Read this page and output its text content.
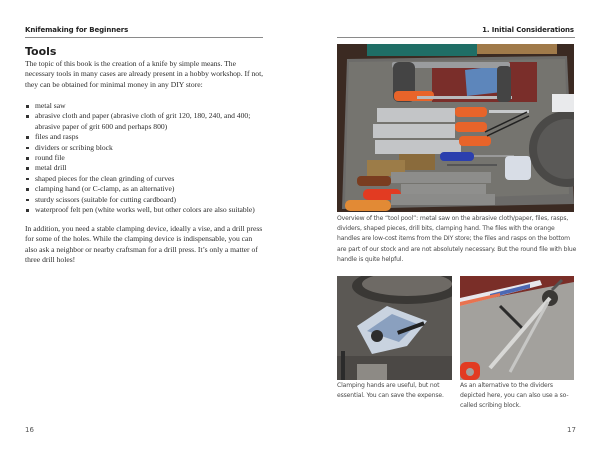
Knifemaking for Beginners
Tools
The topic of this book is the creation of a knife by simple means. The necessary tools in many cases are already present in a hobby workshop. If not, they can be obtained for minimal money in any DIY store:
metal saw
abrasive cloth and paper (abrasive cloth of grit 120, 180, 240, and 400; abrasive paper of grit 600 and perhaps 800)
files and rasps
dividers or scribing block
round file
metal drill
shaped pieces for the clean grinding of curves
clamping hand (or C-clamp, as an alternative)
sturdy scissors (suitable for cutting cardboard)
waterproof felt pen (white works well, but other colors are also suitable)
In addition, you need a stable clamping device, ideally a vise, and a drill press for some of the holes. While the clamping device is indispensable, you can also ask a neighbor or nearby craftsman for a drill press. It’s only a matter of three drill holes!
16
1. Initial Considerations
Overview of the “tool pool”: metal saw on the abrasive cloth/paper, files, rasps, dividers, shaped pieces, drill bits, clamping hand. The files with the orange handles are low-cost items from the DIY store; the files and rasps on the bottom are part of our stock and are not absolutely necessary. But the round file with blue handle is quite helpful.
Clamping hands are useful, but not essential. You can save the expense.
As an alternative to the dividers depicted here, you can also use a so-called scribing block.
17
